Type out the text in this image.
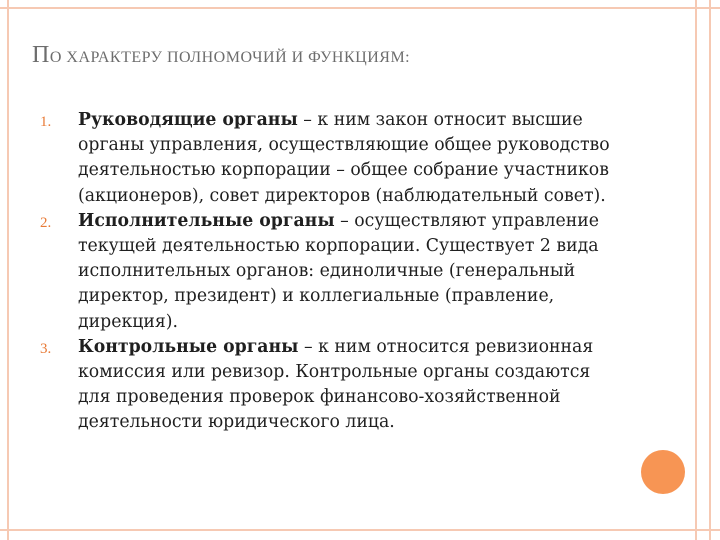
ПО ХАРАКТЕРУ ПОЛНОМОЧИЙ И ФУНКЦИЯМ:
1. Руководящие органы – к ним закон относит высшие органы управления, осуществляющие общее руководство деятельностью корпорации – общее собрание участников (акционеров), совет директоров (наблюдательный совет).
2. Исполнительные органы – осуществляют управление текущей деятельностью корпорации. Существует 2 вида исполнительных органов: единоличные (генеральный директор, президент) и коллегиальные (правление, дирекция).
3. Контрольные органы – к ним относится ревизионная комиссия или ревизор. Контрольные органы создаются для проведения проверок финансово-хозяйственной деятельности юридического лица.
